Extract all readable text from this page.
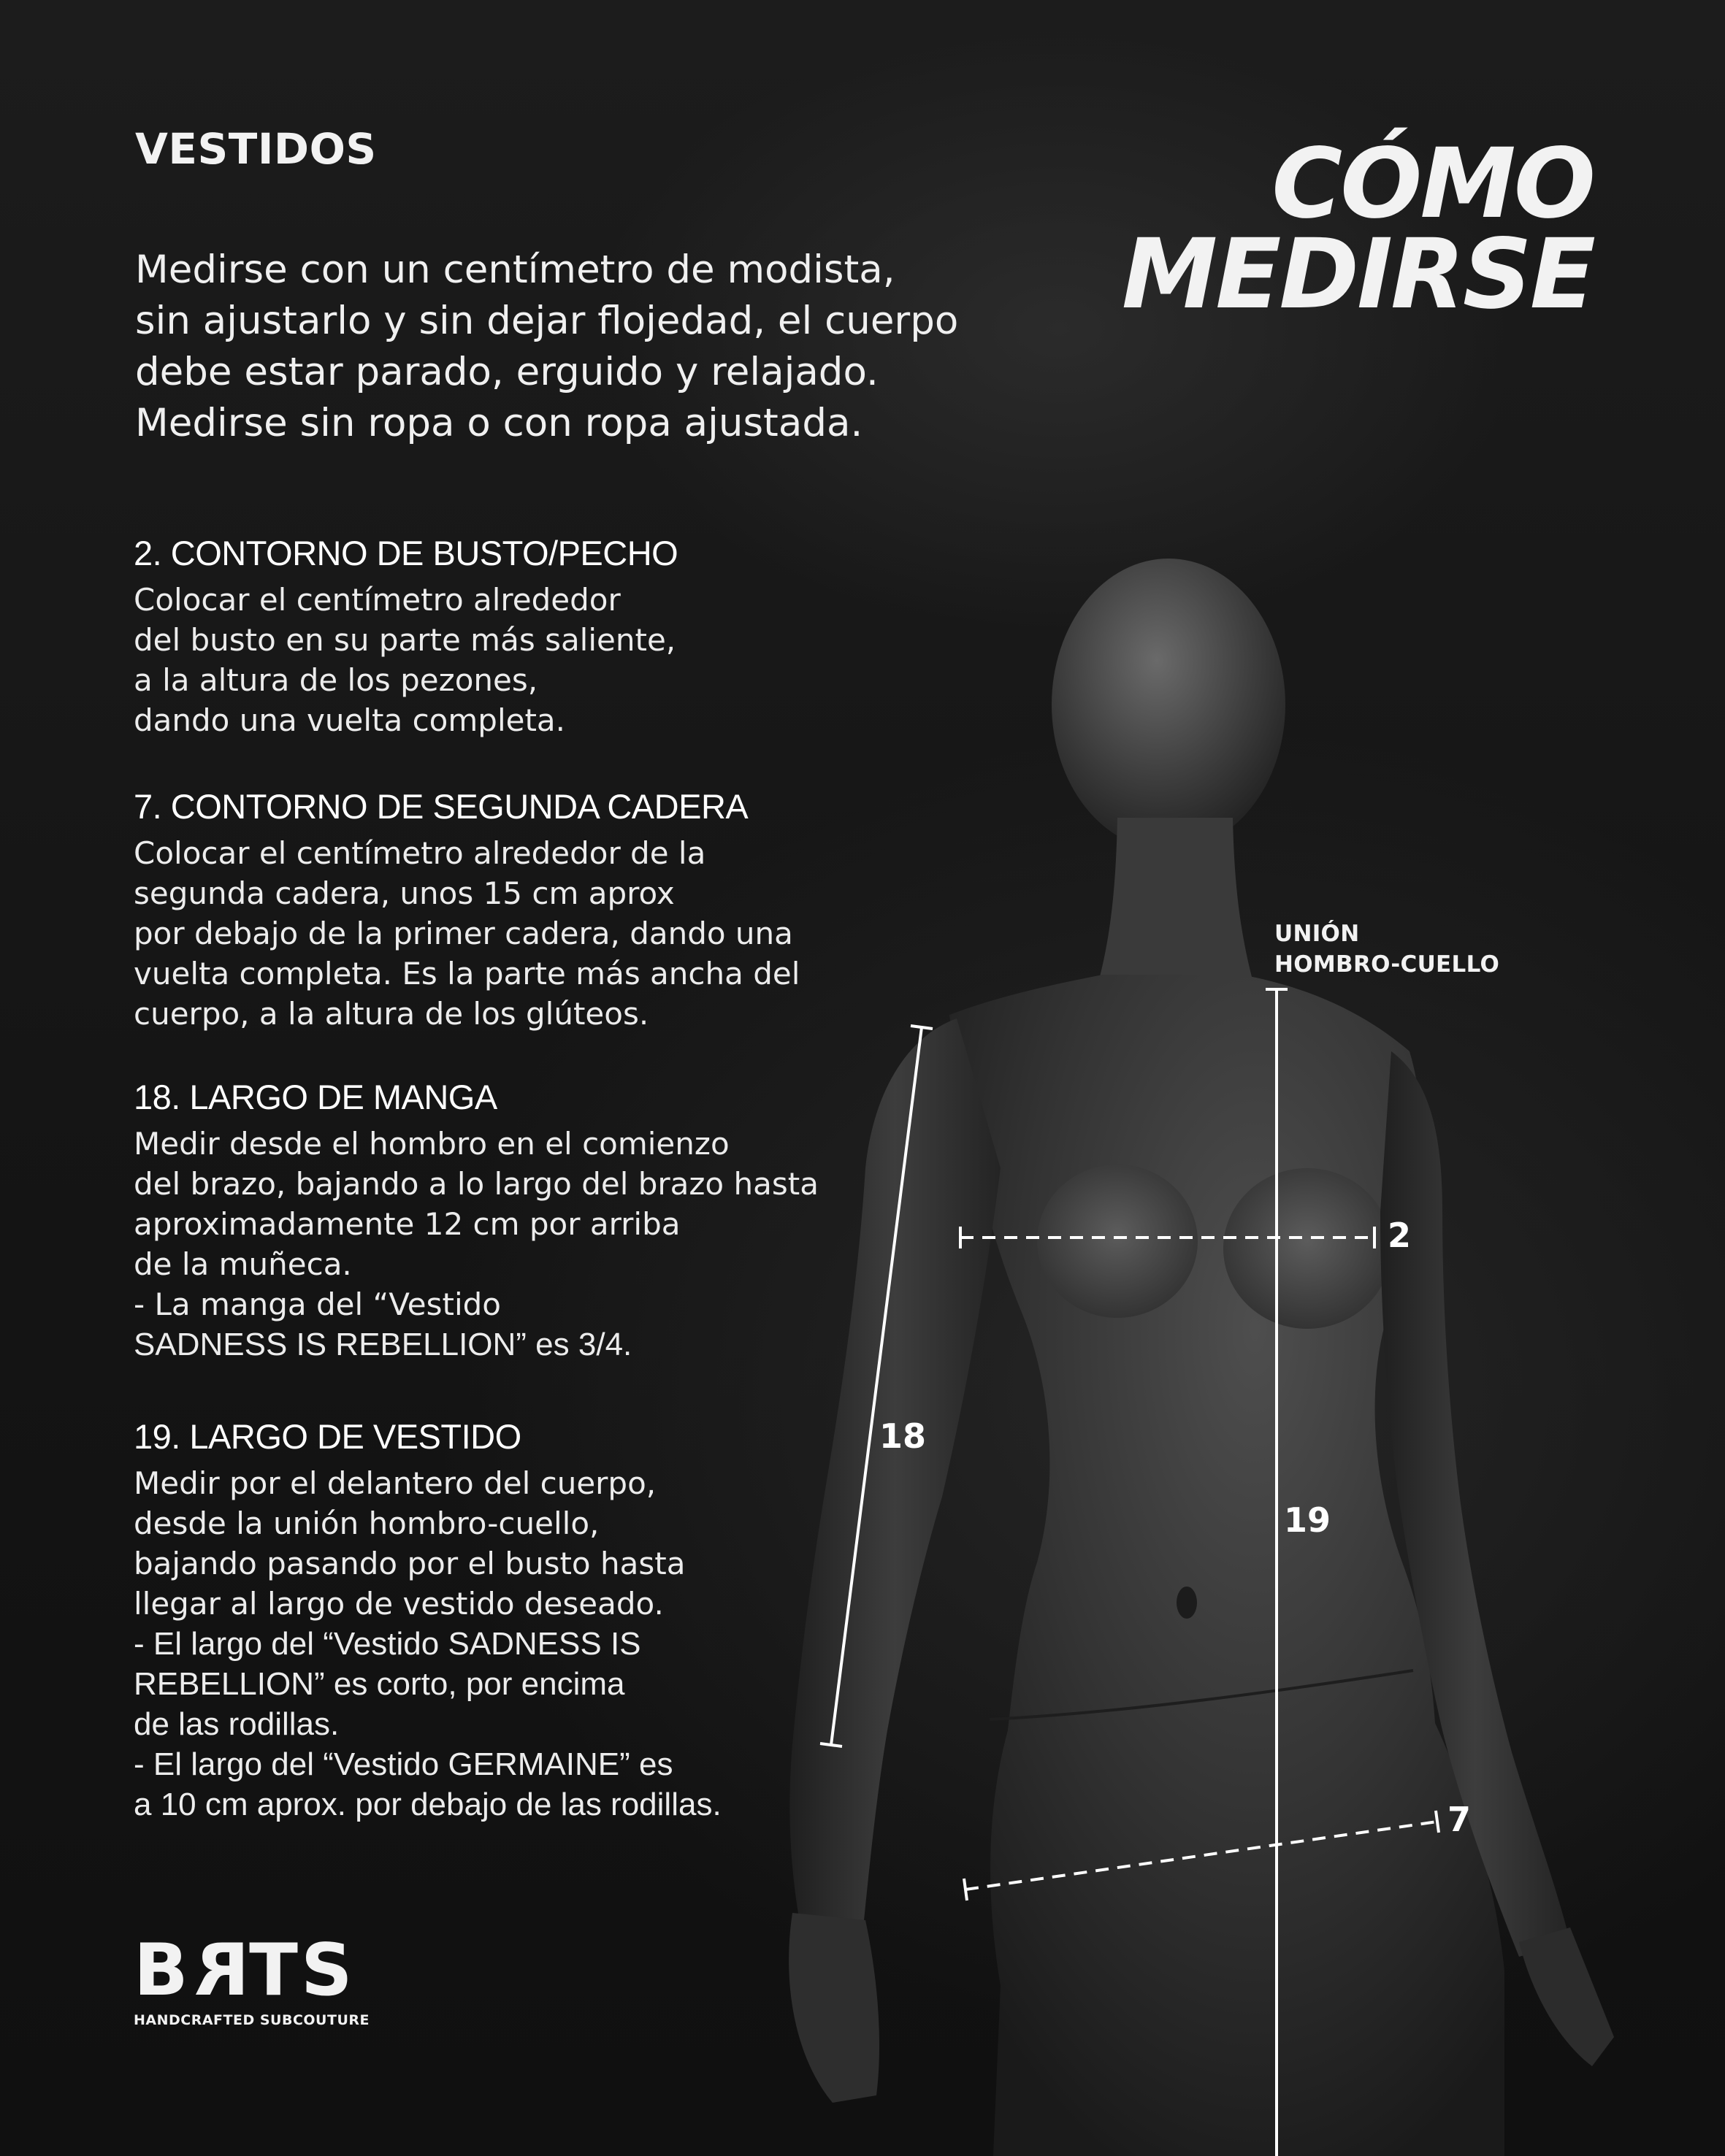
VESTIDOS	CÓMO
MEDIRSE
Medirse con un centímetro de modista,
sin ajustarlo y sin dejar flojedad, el cuerpo
debe estar parado, erguido y relajado.
Medirse sin ropa o con ropa ajustada.
2. CONTORNO DE BUSTO/PECHO
Colocar el centímetro alrededor
del busto en su parte más saliente,
a la altura de los pezones,
dando una vuelta completa.
7. CONTORNO DE SEGUNDA CADERA
Colocar el centímetro alrededor de la
segunda cadera, unos 15 cm aprox
por debajo de la primer cadera, dando una
vuelta completa. Es la parte más ancha del
cuerpo, a la altura de los glúteos.
18. LARGO DE MANGA
Medir desde el hombro en el comienzo
del brazo, bajando a lo largo del brazo hasta
aproximadamente 12 cm por arriba
de la muñeca.
- La manga del “Vestido
SADNESS IS REBELLION” es 3/4.
19. LARGO DE VESTIDO
Medir por el delantero del cuerpo,
desde la unión hombro-cuello,
bajando pasando por el busto hasta
llegar al largo de vestido deseado.
- El largo del “Vestido SADNESS IS
REBELLION” es corto, por encima
de las rodillas.
- El largo del “Vestido GERMAINE” es
a 10 cm aprox. por debajo de las rodillas.
UNIÓN
HOMBRO-CUELLO
2
7
18
19
BRTS
HANDCRAFTED SUBCOUTURE
